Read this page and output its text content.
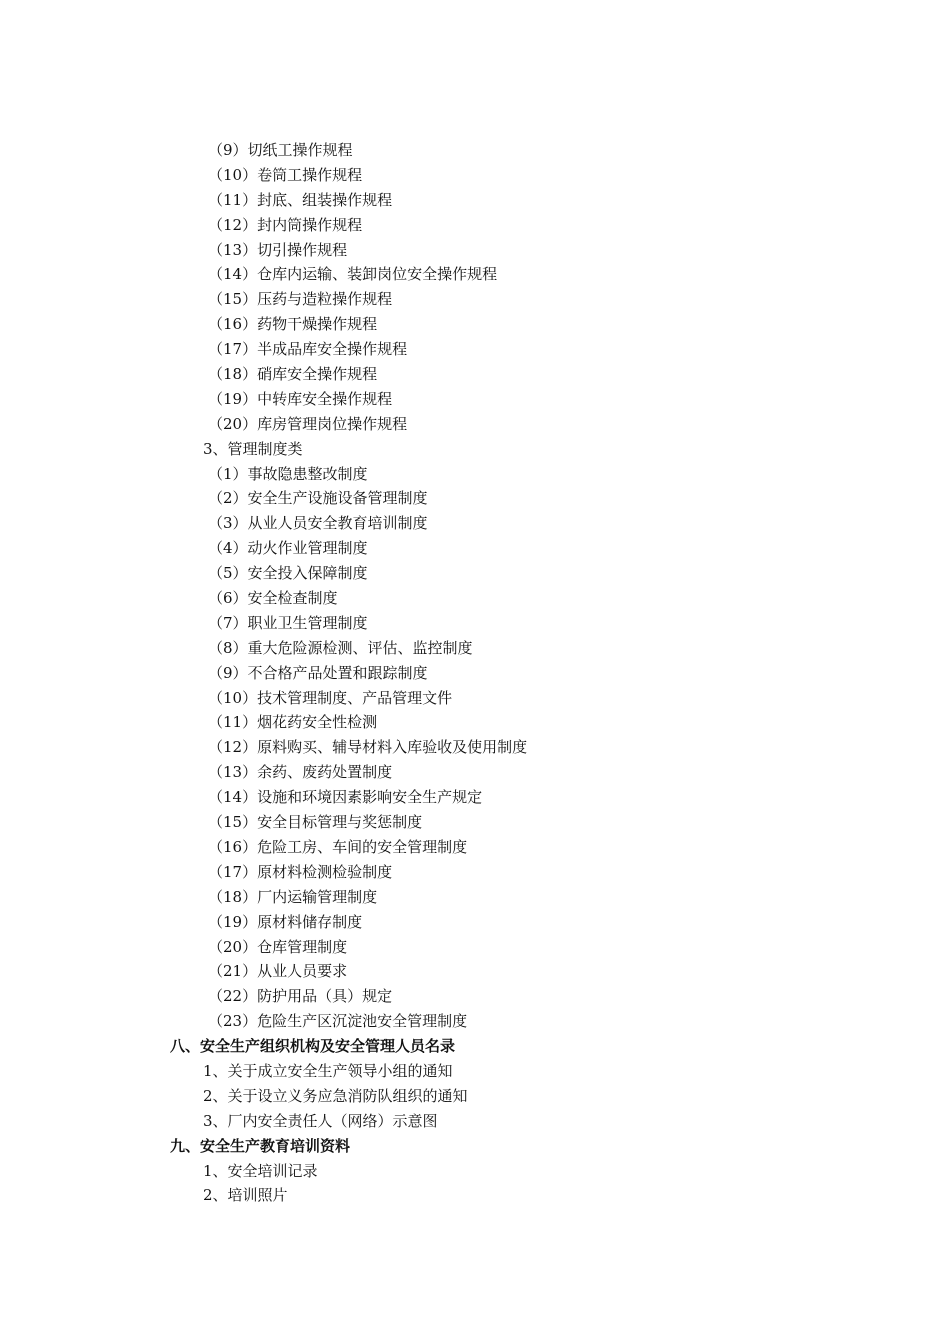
（9）切纸工操作规程
（10）卷筒工操作规程
（11）封底、组装操作规程
（12）封内筒操作规程
（13）切引操作规程
（14）仓库内运输、装卸岗位安全操作规程
（15）压药与造粒操作规程
（16）药物干燥操作规程
（17）半成品库安全操作规程
（18）硝库安全操作规程
（19）中转库安全操作规程
（20）库房管理岗位操作规程
3、管理制度类
（1）事故隐患整改制度
（2）安全生产设施设备管理制度
（3）从业人员安全教育培训制度
（4）动火作业管理制度
（5）安全投入保障制度
（6）安全检查制度
（7）职业卫生管理制度
（8）重大危险源检测、评估、监控制度
（9）不合格产品处置和跟踪制度
（10）技术管理制度、产品管理文件
（11）烟花药安全性检测
（12）原料购买、辅导材料入库验收及使用制度
（13）余药、废药处置制度
（14）设施和环境因素影响安全生产规定
（15）安全目标管理与奖惩制度
（16）危险工房、车间的安全管理制度
（17）原材料检测检验制度
（18）厂内运输管理制度
（19）原材料储存制度
（20）仓库管理制度
（21）从业人员要求
（22）防护用品（具）规定
（23）危险生产区沉淀池安全管理制度
八、安全生产组织机构及安全管理人员名录
1、关于成立安全生产领导小组的通知
2、关于设立义务应急消防队组织的通知
3、厂内安全责任人（网络）示意图
九、安全生产教育培训资料
1、安全培训记录
2、培训照片
